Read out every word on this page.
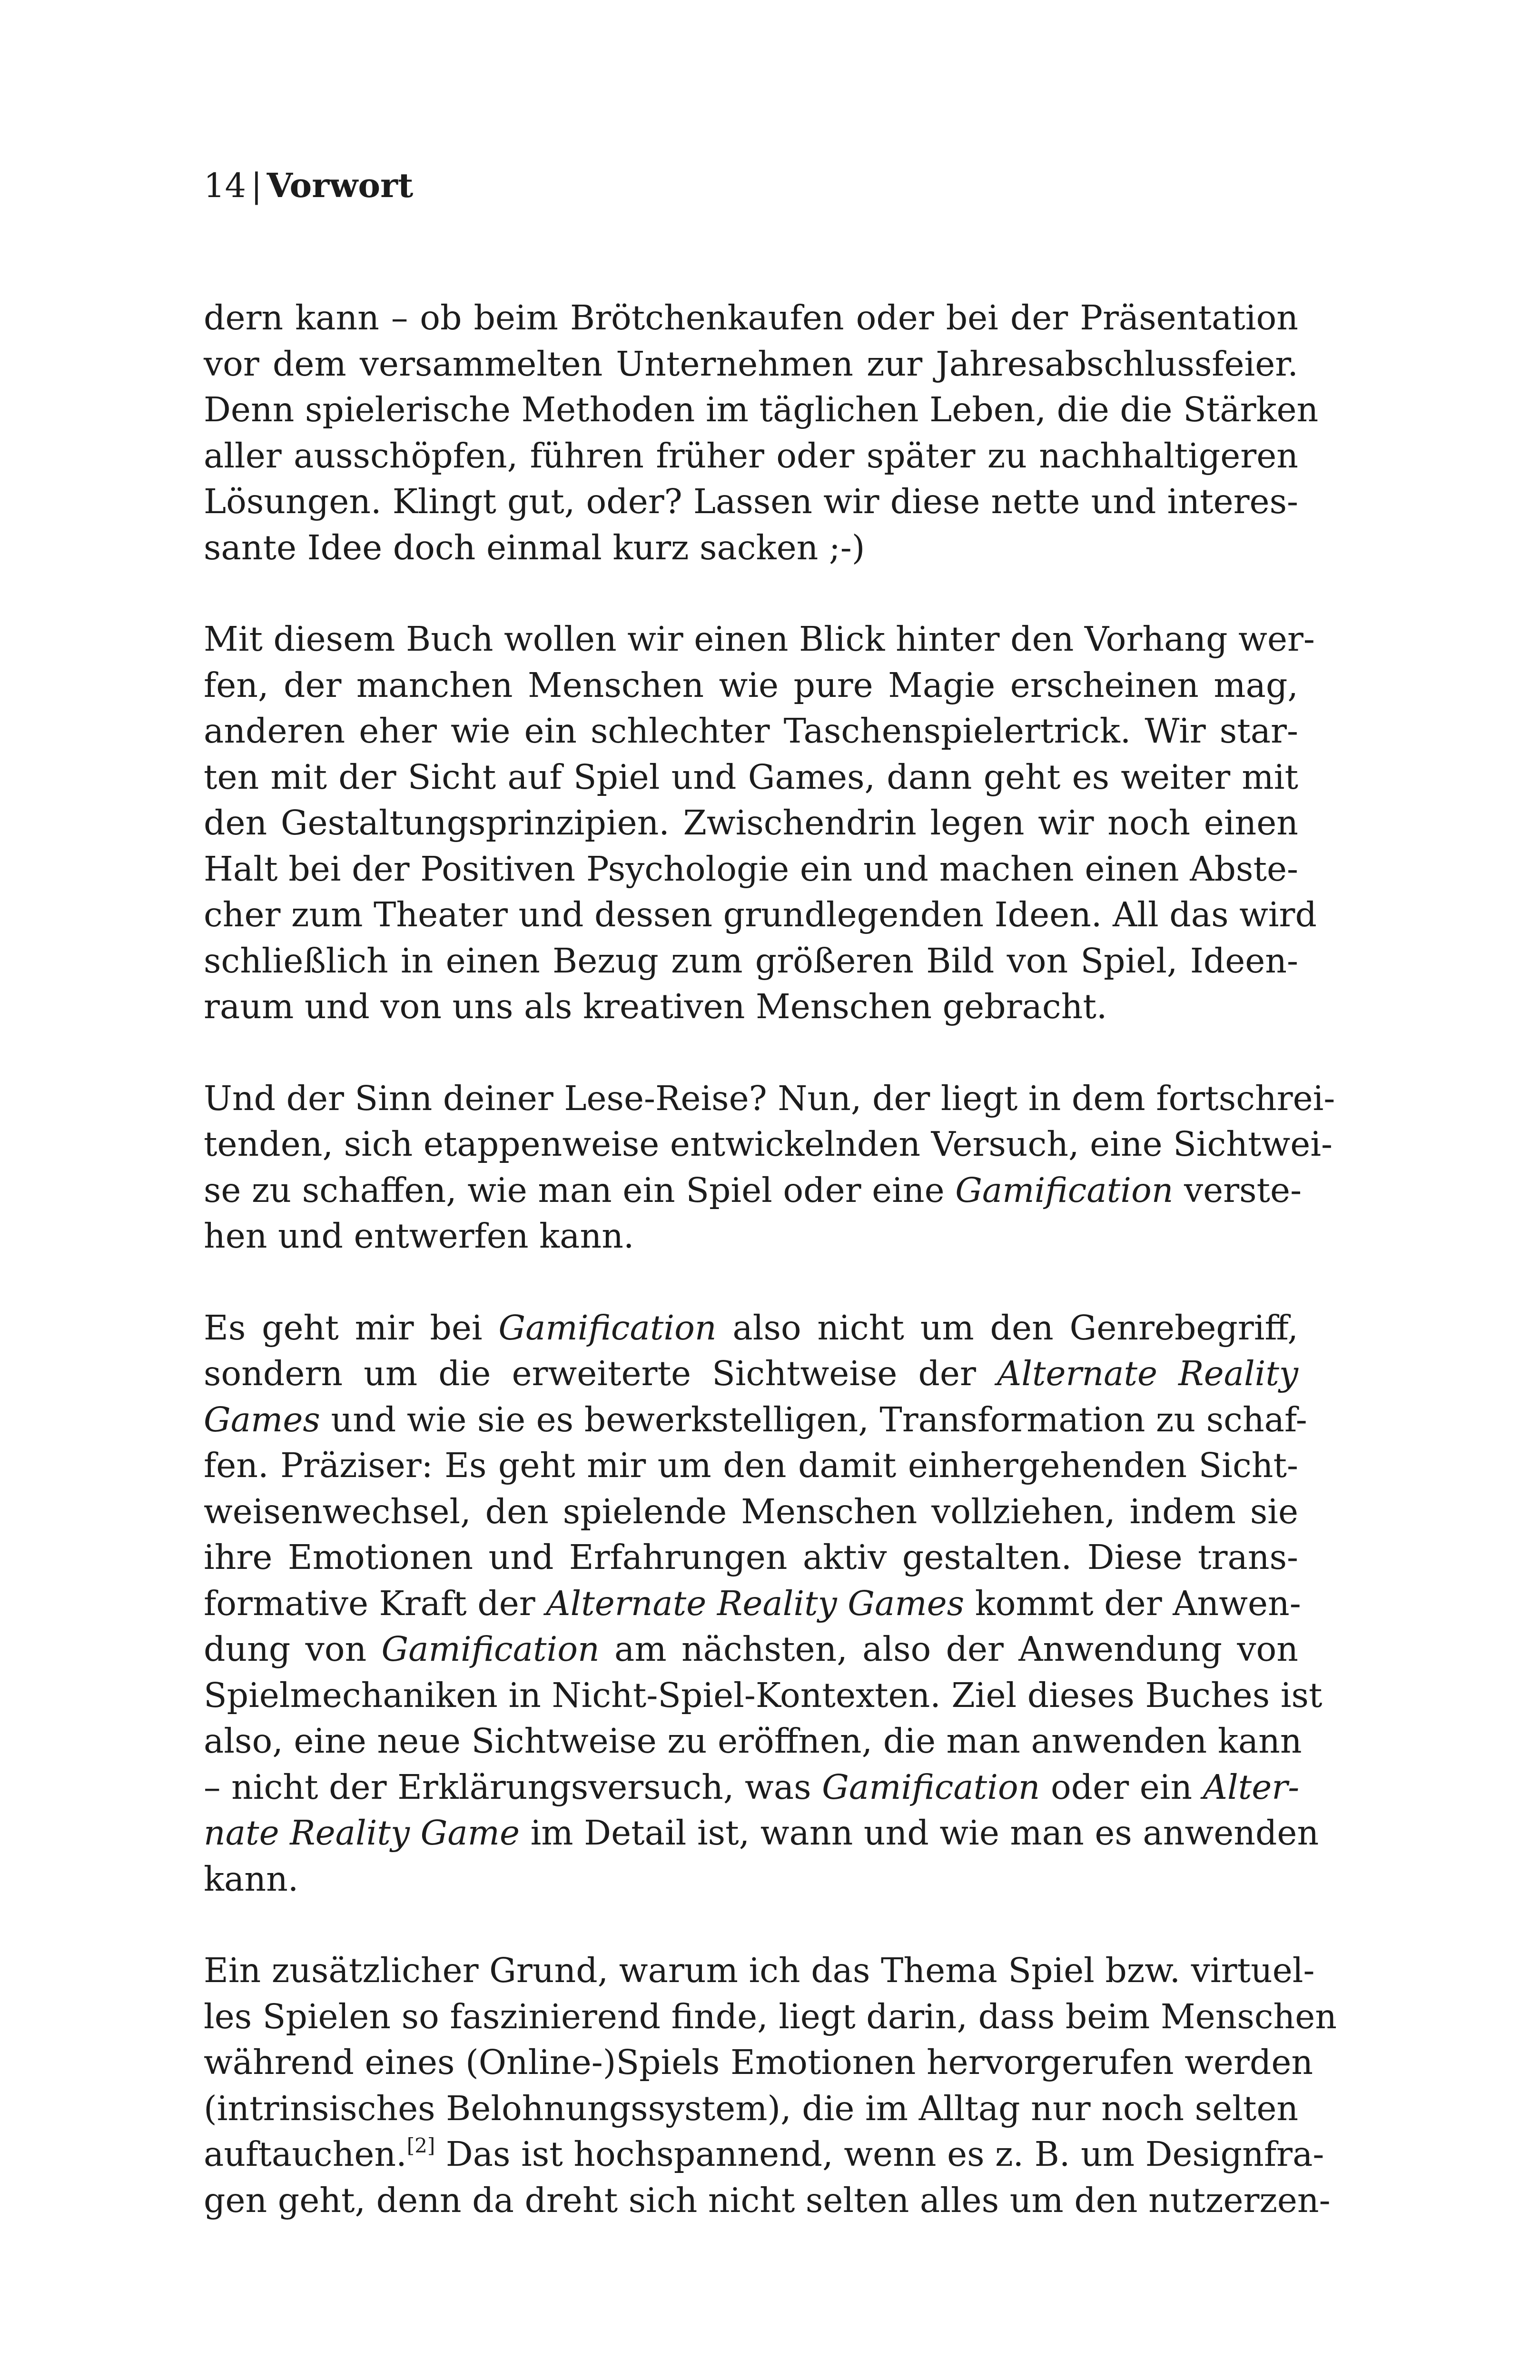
14 | Vorwort
dern kann – ob beim Brötchenkaufen oder bei der Präsentation
vor dem versammelten Unternehmen zur Jahresabschlussfeier.
Denn spielerische Methoden im täglichen Leben, die die Stärken
aller ausschöpfen, führen früher oder später zu nachhaltigeren
Lösungen. Klingt gut, oder? Lassen wir diese nette und interes-
sante Idee doch einmal kurz sacken ;-)
Mit diesem Buch wollen wir einen Blick hinter den Vorhang wer-
fen, der manchen Menschen wie pure Magie erscheinen mag,
anderen eher wie ein schlechter Taschenspielertrick. Wir star-
ten mit der Sicht auf Spiel und Games, dann geht es weiter mit
den Gestaltungsprinzipien. Zwischendrin legen wir noch einen
Halt bei der Positiven Psychologie ein und machen einen Abste-
cher zum Theater und dessen grundlegenden Ideen. All das wird
schließlich in einen Bezug zum größeren Bild von Spiel, Ideen-
raum und von uns als kreativen Menschen gebracht.
Und der Sinn deiner Lese-Reise? Nun, der liegt in dem fortschrei-
tenden, sich etappenweise entwickelnden Versuch, eine Sichtwei-
se zu schaffen, wie man ein Spiel oder eine Gamification verste-
hen und entwerfen kann.
Es geht mir bei Gamification also nicht um den Genrebegriff,
sondern um die erweiterte Sichtweise der Alternate Reality
Games und wie sie es bewerkstelligen, Transformation zu schaf-
fen. Präziser: Es geht mir um den damit einhergehenden Sicht-
weisenwechsel, den spielende Menschen vollziehen, indem sie
ihre Emotionen und Erfahrungen aktiv gestalten. Diese trans-
formative Kraft der Alternate Reality Games kommt der Anwen-
dung von Gamification am nächsten, also der Anwendung von
Spielmechaniken in Nicht-Spiel-Kontexten. Ziel dieses Buches ist
also, eine neue Sichtweise zu eröffnen, die man anwenden kann
– nicht der Erklärungsversuch, was Gamification oder ein Alter-
nate Reality Game im Detail ist, wann und wie man es anwenden
kann.
Ein zusätzlicher Grund, warum ich das Thema Spiel bzw. virtuel-
les Spielen so faszinierend finde, liegt darin, dass beim Menschen
während eines (Online-)Spiels Emotionen hervorgerufen werden
(intrinsisches Belohnungssystem), die im Alltag nur noch selten
auftauchen.[2] Das ist hochspannend, wenn es z. B. um Designfra-
gen geht, denn da dreht sich nicht selten alles um den nutzerzen-
